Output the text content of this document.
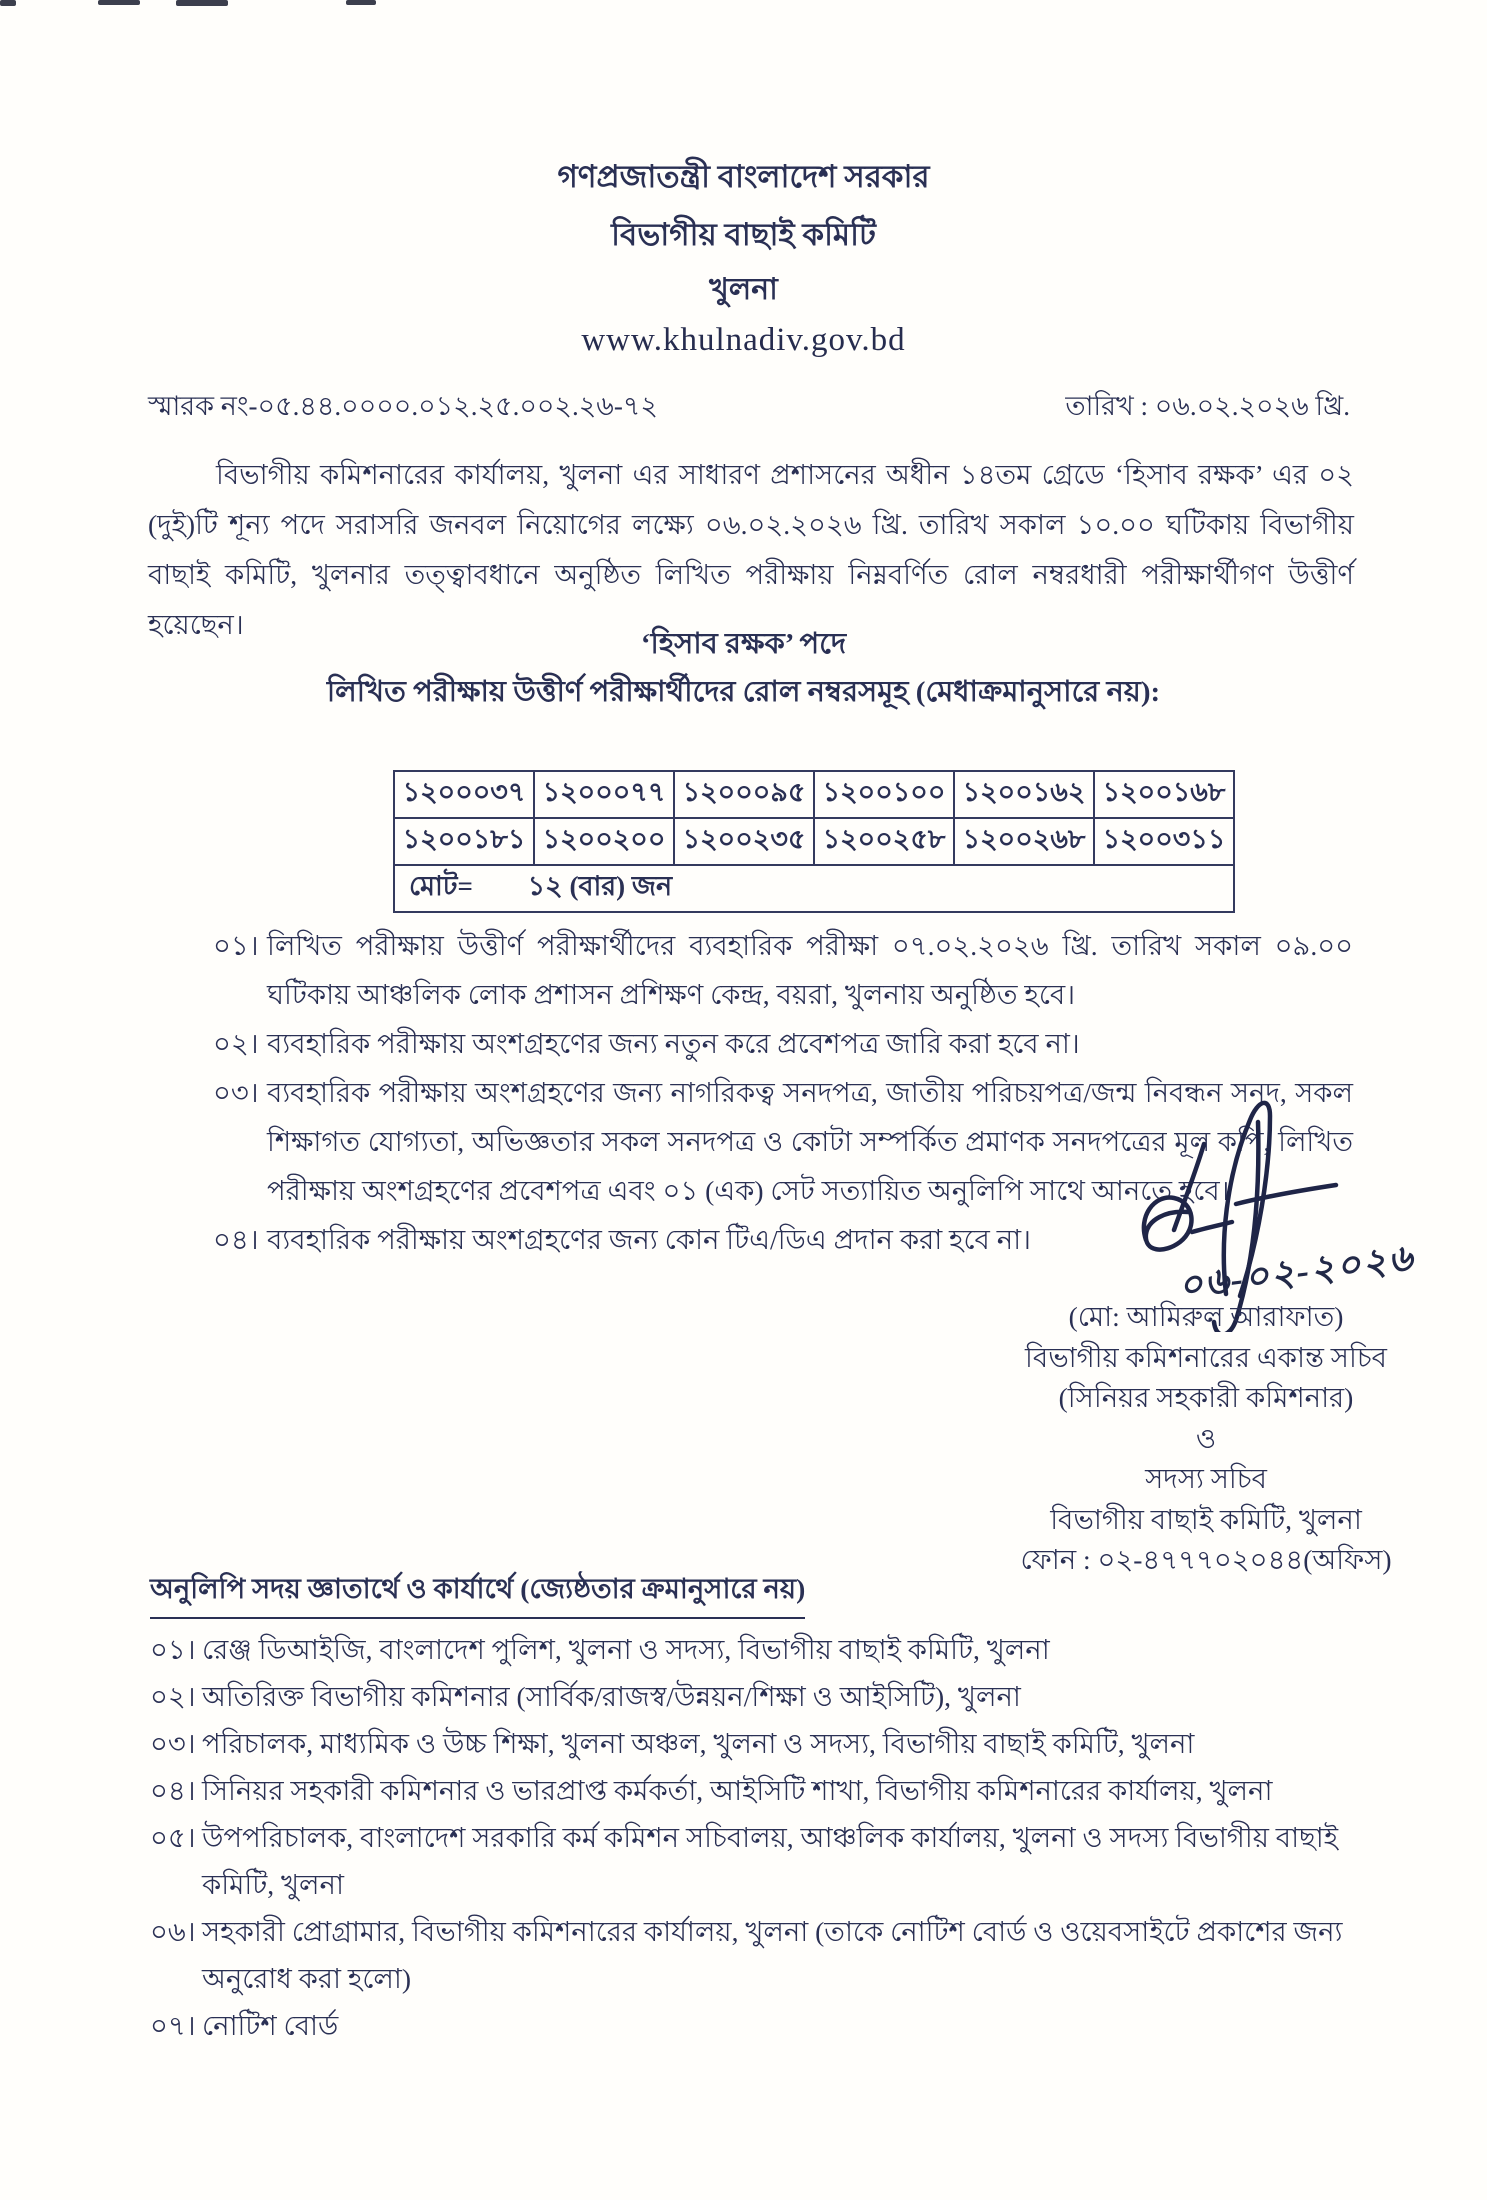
গণপ্রজাতন্ত্রী বাংলাদেশ সরকার
বিভাগীয় বাছাই কমিটি
খুলনা
www.khulnadiv.gov.bd
স্মারক নং-০৫.৪৪.০০০০.০১২.২৫.০০২.২৬-৭২	তারিখ : ০৬.০২.২০২৬ খ্রি.
বিভাগীয় কমিশনারের কার্যালয়, খুলনা এর সাধারণ প্রশাসনের অধীন ১৪তম গ্রেডে ‘হিসাব রক্ষক’ এর ০২ (দুই)টি শূন্য পদে সরাসরি জনবল নিয়োগের লক্ষ্যে ০৬.০২.২০২৬ খ্রি. তারিখ সকাল ১০.০০ ঘটিকায় বিভাগীয় বাছাই কমিটি, খুলনার তত্ত্বাবধানে অনুষ্ঠিত লিখিত পরীক্ষায় নিম্নবর্ণিত রোল নম্বরধারী পরীক্ষার্থীগণ উত্তীর্ণ হয়েছেন।
‘হিসাব রক্ষক’ পদে
লিখিত পরীক্ষায় উত্তীর্ণ পরীক্ষার্থীদের রোল নম্বরসমূহ (মেধাক্রমানুসারে নয়):
১২০০০৩৭	১২০০০৭৭	১২০০০৯৫	১২০০১০০	১২০০১৬২	১২০০১৬৮
১২০০১৮১	১২০০২০০	১২০০২৩৫	১২০০২৫৮	১২০০২৬৮	১২০০৩১১
মোট= ১২ (বার) জন					
০১। লিখিত পরীক্ষায় উত্তীর্ণ পরীক্ষার্থীদের ব্যবহারিক পরীক্ষা ০৭.০২.২০২৬ খ্রি. তারিখ সকাল ০৯.০০ ঘটিকায় আঞ্চলিক লোক প্রশাসন প্রশিক্ষণ কেন্দ্র, বয়রা, খুলনায় অনুষ্ঠিত হবে।
০২। ব্যবহারিক পরীক্ষায় অংশগ্রহণের জন্য নতুন করে প্রবেশপত্র জারি করা হবে না।
০৩। ব্যবহারিক পরীক্ষায় অংশগ্রহণের জন্য নাগরিকত্ব সনদপত্র, জাতীয় পরিচয়পত্র/জন্ম নিবন্ধন সনদ, সকল শিক্ষাগত যোগ্যতা, অভিজ্ঞতার সকল সনদপত্র ও কোটা সম্পর্কিত প্রমাণক সনদপত্রের মূল কপি, লিখিত পরীক্ষায় অংশগ্রহণের প্রবেশপত্র এবং ০১ (এক) সেট সত্যায়িত অনুলিপি সাথে আনতে হবে।
০৪। ব্যবহারিক পরীক্ষায় অংশগ্রহণের জন্য কোন টিএ/ডিএ প্রদান করা হবে না।	০৬-০২-২০২৬
(মো: আমিরুল আরাফাত)
বিভাগীয় কমিশনারের একান্ত সচিব
(সিনিয়র সহকারী কমিশনার)
ও
সদস্য সচিব
বিভাগীয় বাছাই কমিটি, খুলনা
ফোন : ০২-৪৭৭৭০২০৪৪(অফিস)
অনুলিপি সদয় জ্ঞাতার্থে ও কার্যার্থে (জ্যেষ্ঠতার ক্রমানুসারে নয়)
০১। রেঞ্জ ডিআইজি, বাংলাদেশ পুলিশ, খুলনা ও সদস্য, বিভাগীয় বাছাই কমিটি, খুলনা
০২। অতিরিক্ত বিভাগীয় কমিশনার (সার্বিক/রাজস্ব/উন্নয়ন/শিক্ষা ও আইসিটি), খুলনা
০৩। পরিচালক, মাধ্যমিক ও উচ্চ শিক্ষা, খুলনা অঞ্চল, খুলনা ও সদস্য, বিভাগীয় বাছাই কমিটি, খুলনা
০৪। সিনিয়র সহকারী কমিশনার ও ভারপ্রাপ্ত কর্মকর্তা, আইসিটি শাখা, বিভাগীয় কমিশনারের কার্যালয়, খুলনা
০৫। উপপরিচালক, বাংলাদেশ সরকারি কর্ম কমিশন সচিবালয়, আঞ্চলিক কার্যালয়, খুলনা ও সদস্য বিভাগীয় বাছাই কমিটি, খুলনা
০৬। সহকারী প্রোগ্রামার, বিভাগীয় কমিশনারের কার্যালয়, খুলনা (তাকে নোটিশ বোর্ড ও ওয়েবসাইটে প্রকাশের জন্য অনুরোধ করা হলো)
০৭। নোটিশ বোর্ড
